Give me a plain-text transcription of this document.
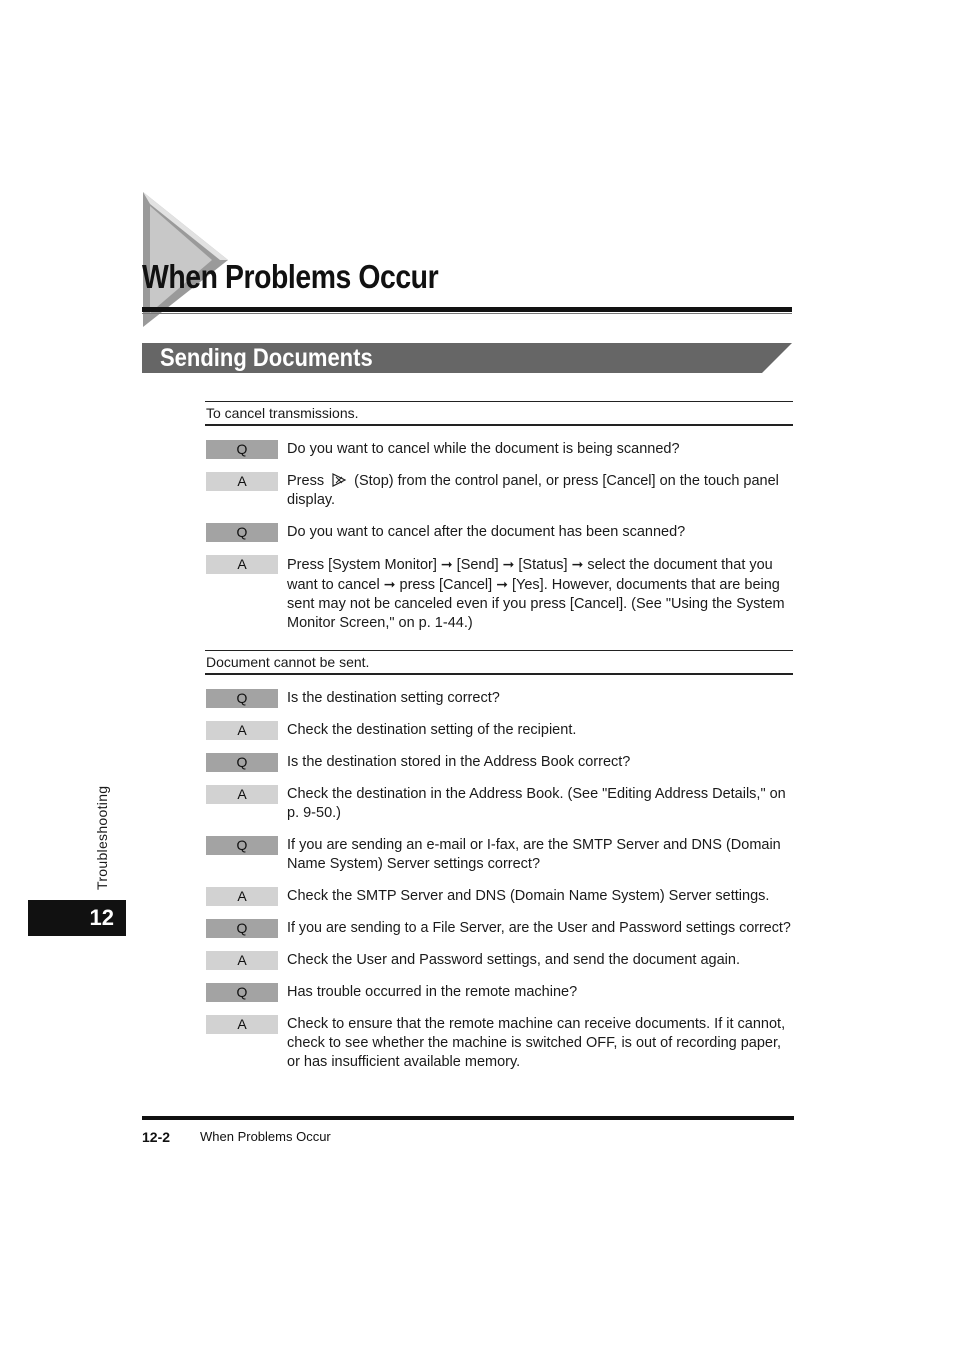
When Problems Occur
Sending Documents
To cancel transmissions.
Q	Do you want to cancel while the document is being scanned?
A	Press (Stop) from the control panel, or press [Cancel] on the touch panel display.
Q	Do you want to cancel after the document has been scanned?
A	Press [System Monitor] ➞ [Send] ➞ [Status] ➞ select the document that you want to cancel ➞ press [Cancel] ➞ [Yes]. However, documents that are being sent may not be canceled even if you press [Cancel]. (See "Using the System Monitor Screen," on p. 1-44.)
Document cannot be sent.
Q	Is the destination setting correct?
A	Check the destination setting of the recipient.
Q	Is the destination stored in the Address Book correct?
A	Check the destination in the Address Book. (See "Editing Address Details," on p. 9-50.)
Q	If you are sending an e-mail or I-fax, are the SMTP Server and DNS (Domain Name System) Server settings correct?
A	Check the SMTP Server and DNS (Domain Name System) Server settings.
Q	If you are sending to a File Server, are the User and Password settings correct?
A	Check the User and Password settings, and send the document again.
Q	Has trouble occurred in the remote machine?
A	Check to ensure that the remote machine can receive documents. If it cannot, check to see whether the machine is switched OFF, is out of recording paper, or has insufficient available memory.
Troubleshooting
12
12-2 When Problems Occur
